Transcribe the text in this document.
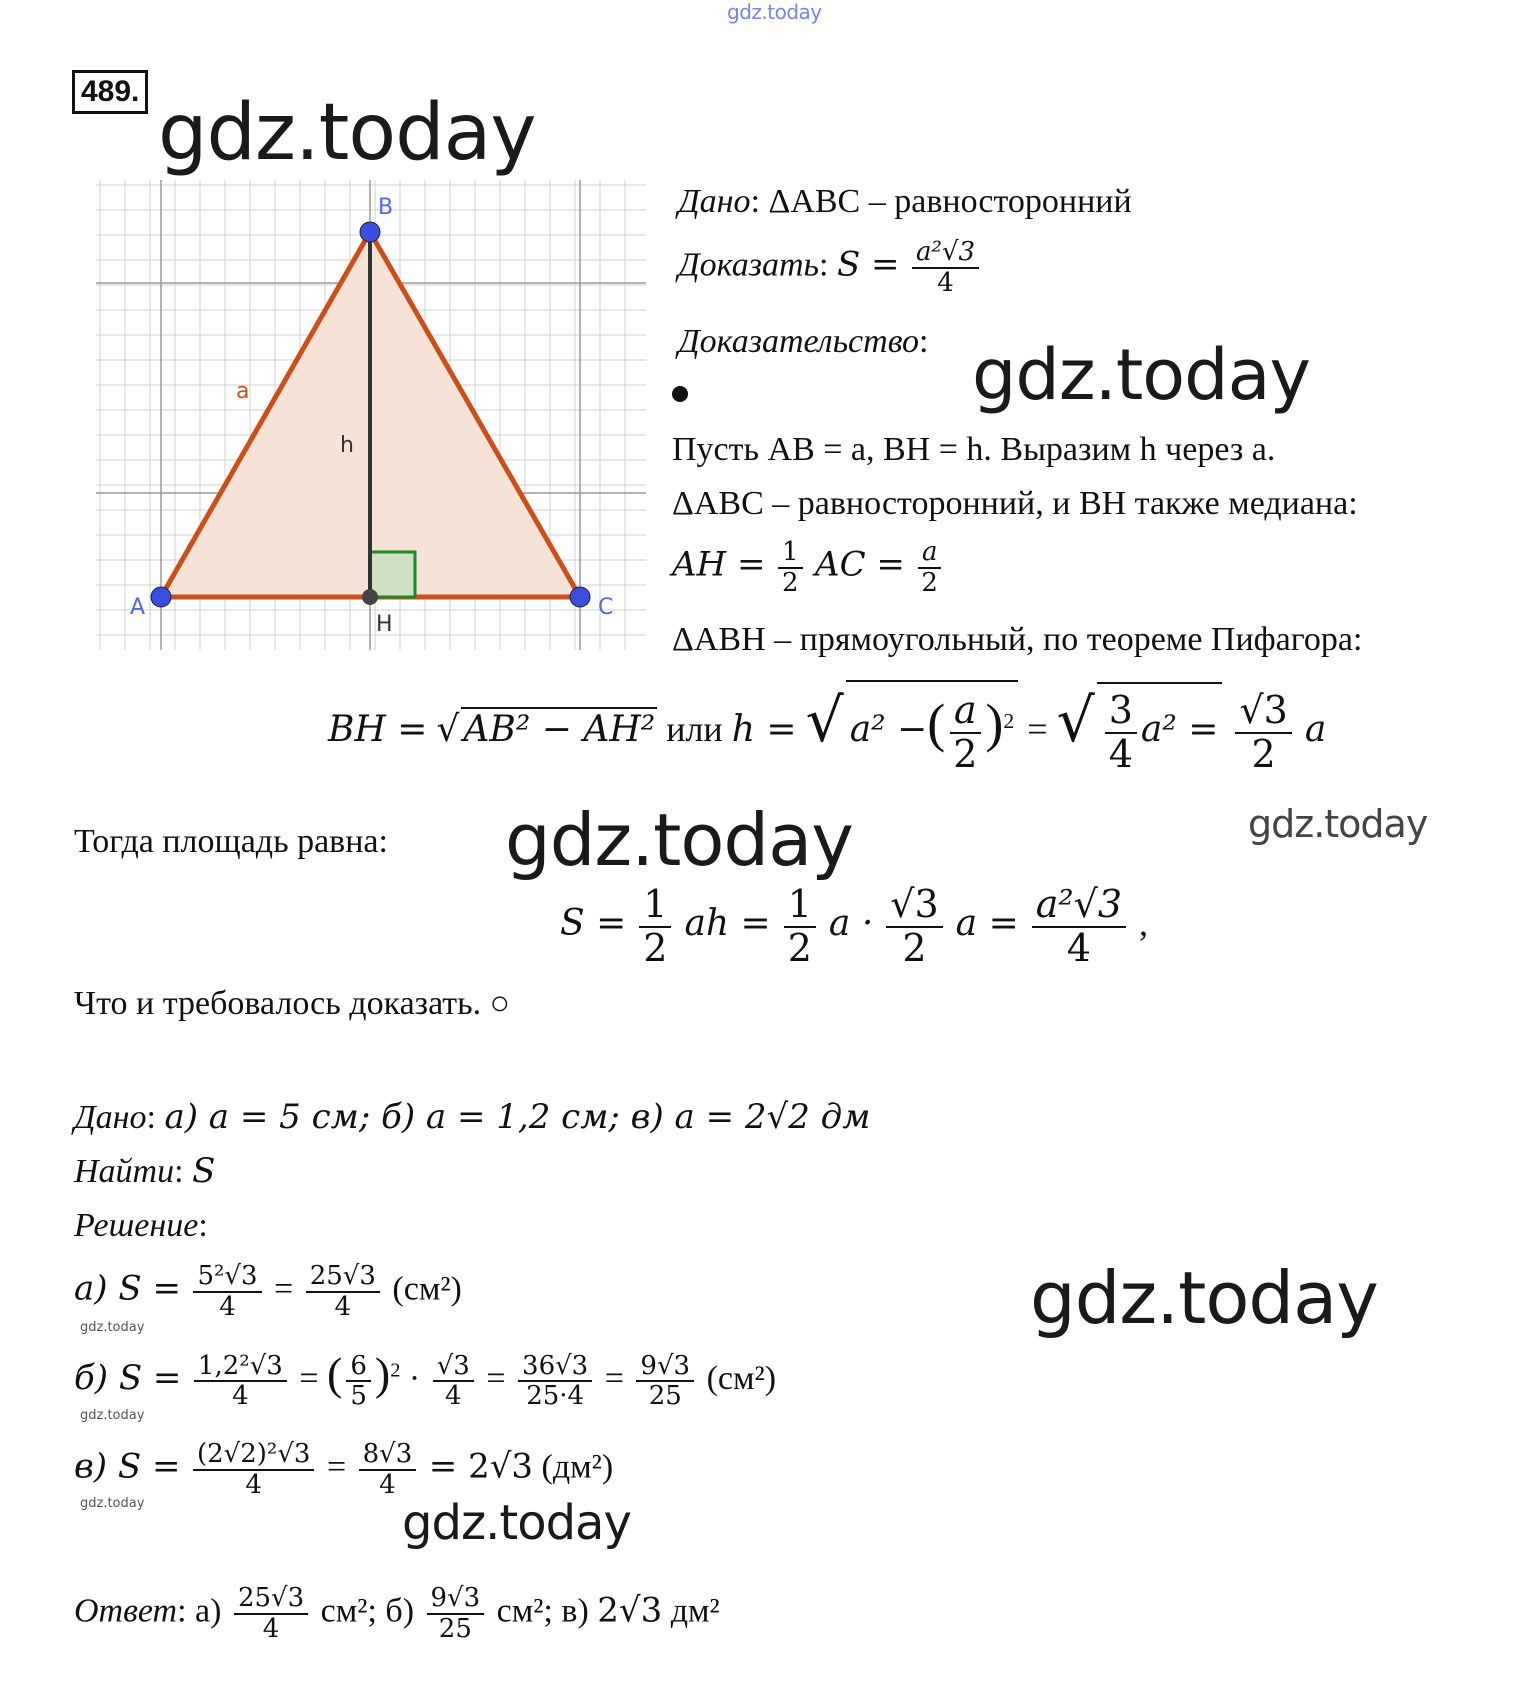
gdz.today
489. gdz.today
gdz.today
gdz.today	gdz.today
gdz.today
gdz.today
A
B
C
H
a
h
Дано: ΔABC – равносторонний
Доказать: $S = \frac{\text{a²√3}}{4}$
Доказательство:
Пусть AB = a, BH = h. Выразим h через a.
ΔABC – равносторонний, и BH также медиана:
AH = $\frac{1}{2}$ AC = $\frac{a}{2}$
ΔABH – прямоугольный, по теореме Пифагора:
BH = √ AB² − AH² или h = √ a² −( $\frac{a}{2} )^2$ = √ $\frac{3}{4} a^2 = \frac{√3}{2}$ a
Тогда площадь равна:
$S = \frac{1}{2}$ ah = $\frac{1}{2}$ $a \cdot \frac{√3}{2}$ $a = \frac{\text{a²√3}}{4}$ ,
Что и требовалось доказать. ○
Дано: а) a = 5 см; б) a = 1,2 см; в) a = 2√2 дм
Найти: S
Решение:
а) $S = \frac{\text{5²√3}}{4} = \frac{25√3}{4} (см^2)$
gdz.today
б) $S = \frac{\text{1,2²√3}}{4}$ = ( $\frac{6}{5} )^2 \cdot \frac{√3}{4} = \frac{36√3}{25\cdot 4} = \frac{9√3}{25} (см^2)$
gdz.today
в) $S = \frac{\text{(2√2)²√3}}{4} = \frac{8√3}{4} = 2√3$ (дм²)
gdz.today
Ответ: $а) \frac{25√3}{4} см^2$; $б) \frac{9√3}{25} см^2$; в) 2√3 дм²
